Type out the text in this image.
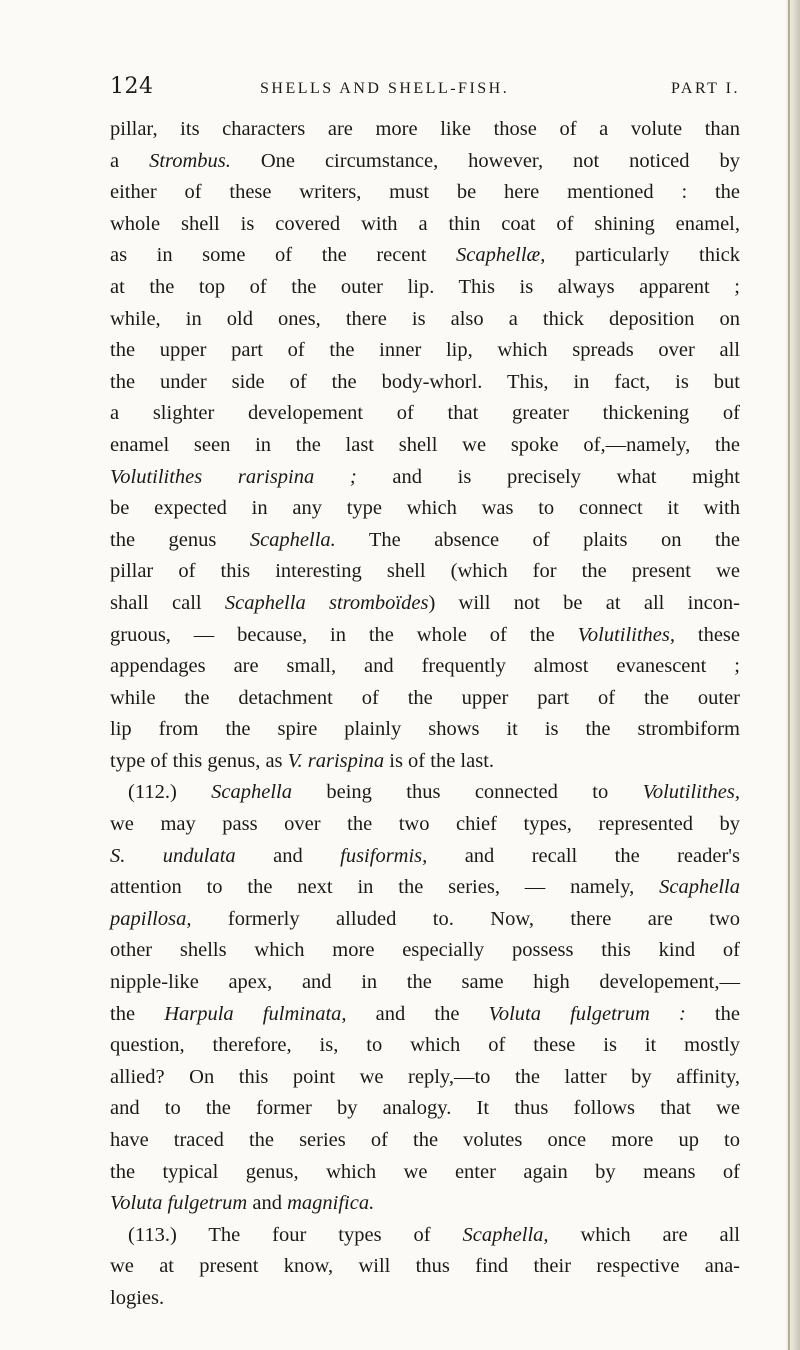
124	SHELLS AND SHELL-FISH.	PART I.
pillar, its characters are more like those of a volute than
a Strombus. One circumstance, however, not noticed by
either of these writers, must be here mentioned : the
whole shell is covered with a thin coat of shining enamel,
as in some of the recent Scaphellæ, particularly thick
at the top of the outer lip. This is always apparent ;
while, in old ones, there is also a thick deposition on
the upper part of the inner lip, which spreads over all
the under side of the body-whorl. This, in fact, is but
a slighter developement of that greater thickening of
enamel seen in the last shell we spoke of,—namely, the
Volutilithes rarispina ; and is precisely what might
be expected in any type which was to connect it with
the genus Scaphella. The absence of plaits on the
pillar of this interesting shell (which for the present we
shall call Scaphella stromboïdes) will not be at all incon-
gruous, — because, in the whole of the Volutilithes, these
appendages are small, and frequently almost evanescent ;
while the detachment of the upper part of the outer
lip from the spire plainly shows it is the strombiform
type of this genus, as V. rarispina is of the last.
(112.) Scaphella being thus connected to Volutilithes,
we may pass over the two chief types, represented by
S. undulata and fusiformis, and recall the reader's
attention to the next in the series, — namely, Scaphella
papillosa, formerly alluded to. Now, there are two
other shells which more especially possess this kind of
nipple-like apex, and in the same high developement,—
the Harpula fulminata, and the Voluta fulgetrum : the
question, therefore, is, to which of these is it mostly
allied? On this point we reply,—to the latter by affinity,
and to the former by analogy. It thus follows that we
have traced the series of the volutes once more up to
the typical genus, which we enter again by means of
Voluta fulgetrum and magnifica.
(113.) The four types of Scaphella, which are all
we at present know, will thus find their respective ana-
logies.
